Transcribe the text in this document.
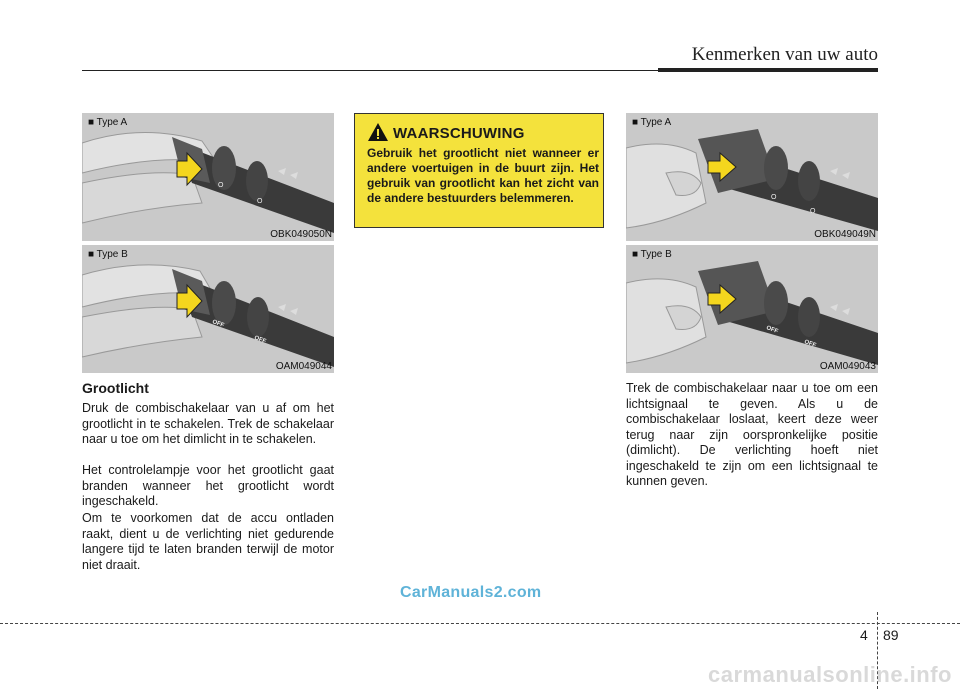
Kenmerken van uw auto
O
O
■ Type A
OBK049050N
OFF
OFF
■ Type B
OAM049044
WAARSCHUWING
Gebruik het grootlicht niet wanneer er andere voertuigen in de buurt zijn. Het gebruik van grootlicht kan het zicht van de andere bestuurders belemmeren.	O
O
■ Type A
OBK049049N
OFF
OFF
■ Type B
OAM049043
Grootlicht

Druk de combischakelaar van u af om het grootlicht in te schakelen. Trek de schakelaar naar u toe om het dimlicht in te schakelen.

Het controlelampje voor het grootlicht gaat branden wanneer het grootlicht wordt ingeschakeld.

Om te voorkomen dat de accu ontladen raakt, dient u de verlichting niet gedurende langere tijd te laten branden terwijl de motor niet draait.

Trek de combischakelaar naar u toe om een lichtsignaal te geven. Als u de combischakelaar loslaat, keert deze weer terug naar zijn oorspronkelijke positie (dimlicht). De verlichting hoeft niet ingeschakeld te zijn om een lichtsignaal te kunnen geven.

CarManuals2.com
4 89
carmanualsonline.info
